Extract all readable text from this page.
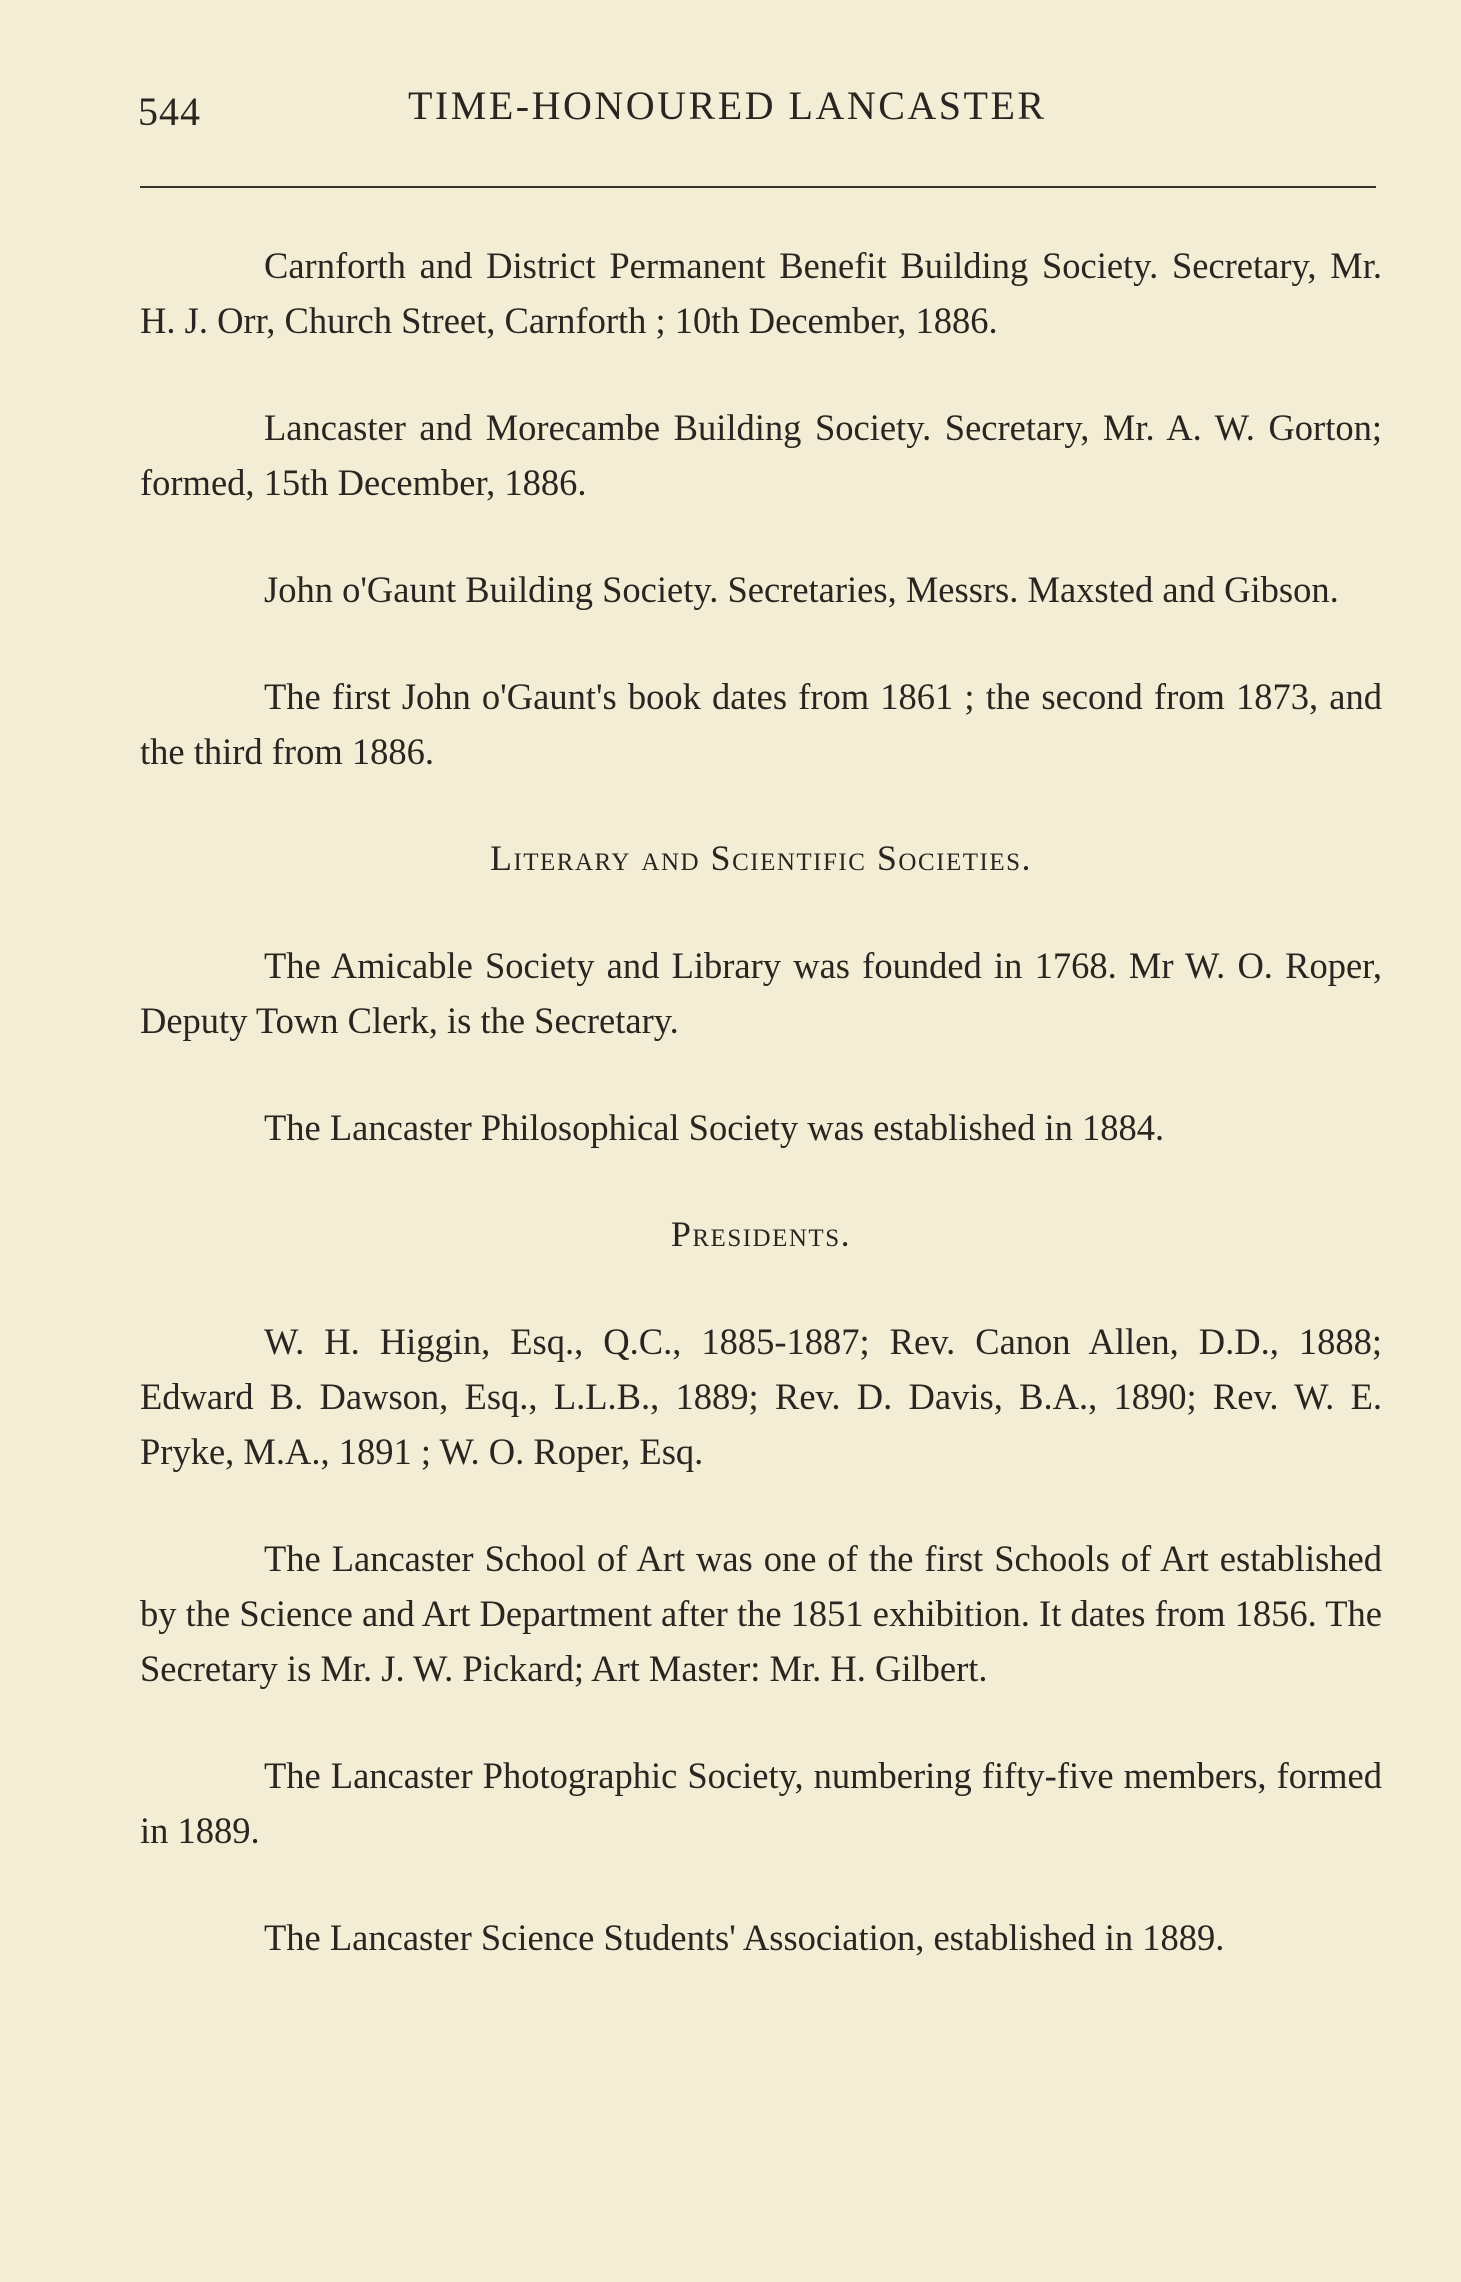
544	TIME-HONOURED LANCASTER

Carnforth and District Permanent Benefit Building Society. Secretary, Mr. H. J. Orr, Church Street, Carnforth ; 10th December, 1886.

Lancaster and Morecambe Building Society. Secretary, Mr. A. W. Gorton; formed, 15th December, 1886.

John o'Gaunt Building Society. Secretaries, Messrs. Maxsted and Gibson.

The first John o'Gaunt's book dates from 1861 ; the second from 1873, and the third from 1886.

Literary and Scientific Societies.

The Amicable Society and Library was founded in 1768. Mr W. O. Roper, Deputy Town Clerk, is the Secretary.

The Lancaster Philosophical Society was established in 1884.

Presidents.

W. H. Higgin, Esq., Q.C., 1885-1887; Rev. Canon Allen, D.D., 1888; Edward B. Dawson, Esq., L.L.B., 1889; Rev. D. Davis, B.A., 1890; Rev. W. E. Pryke, M.A., 1891 ; W. O. Roper, Esq.

The Lancaster School of Art was one of the first Schools of Art established by the Science and Art Department after the 1851 exhibition. It dates from 1856. The Secretary is Mr. J. W. Pickard; Art Master: Mr. H. Gilbert.

The Lancaster Photographic Society, numbering fifty-five members, formed in 1889.

The Lancaster Science Students' Association, established in 1889.
